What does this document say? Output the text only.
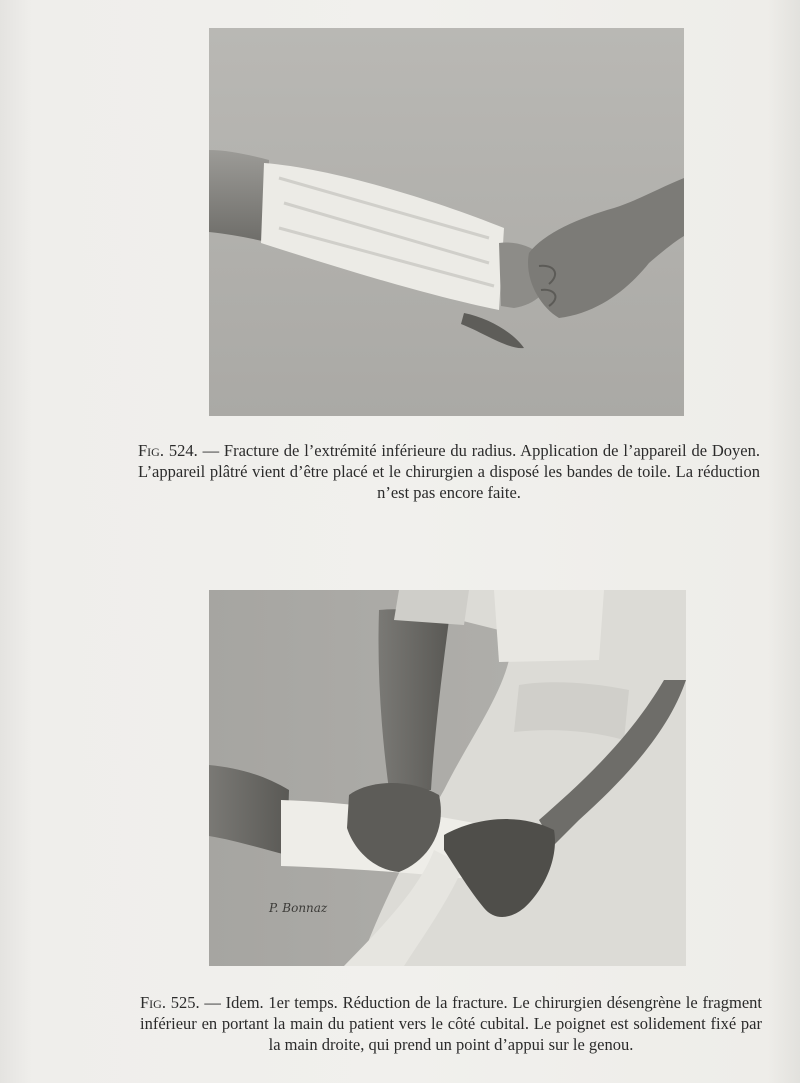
Fig. 524. — Fracture de l’extrémité inférieure du radius. Application de l’appareil de Doyen. L’appareil plâtré vient d’être placé et le chirurgien a disposé les bandes de toile. La réduction n’est pas encore faite.
P. Bonnaz
Fig. 525. — Idem. 1er temps. Réduction de la fracture. Le chirurgien désengrène le fragment inférieur en portant la main du patient vers le côté cubital. Le poignet est solidement fixé par la main droite, qui prend un point d’appui sur le genou.
